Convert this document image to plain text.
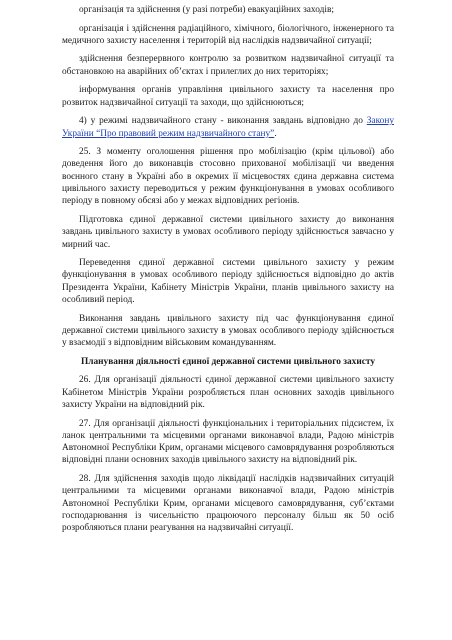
організація та здійснення (у разі потреби) евакуаційних заходів;

організація і здійснення радіаційного, хімічного, біологічного, інженерного та медичного захисту населення і територій від наслідків надзвичайної ситуації;

здійснення безперервного контролю за розвитком надзвичайної ситуації та обстановкою на аварійних об’єктах і прилеглих до них територіях;

інформування органів управління цивільного захисту та населення про розвиток надзвичайної ситуації та заходи, що здійснюються;

4) у режимі надзвичайного стану - виконання завдань відповідно до Закону України “Про правовий режим надзвичайного стану”.

25. З моменту оголошення рішення про мобілізацію (крім цільової) або доведення його до виконавців стосовно прихованої мобілізації чи введення воєнного стану в Україні або в окремих її місцевостях єдина державна система цивільного захисту переводиться у режим функціонування в умовах особливого періоду в повному обсязі або у межах відповідних регіонів.

Підготовка єдиної державної системи цивільного захисту до виконання завдань цивільного захисту в умовах особливого періоду здійснюється завчасно у мирний час.

Переведення єдиної державної системи цивільного захисту у режим функціонування в умовах особливого періоду здійснюється відповідно до актів Президента України, Кабінету Міністрів України, планів цивільного захисту на особливий період.

Виконання завдань цивільного захисту під час функціонування єдиної державної системи цивільного захисту в умовах особливого періоду здійснюється у взаємодії з відповідним військовим командуванням.

Планування діяльності єдиної державної системи цивільного захисту

26. Для організації діяльності єдиної державної системи цивільного захисту Кабінетом Міністрів України розробляється план основних заходів цивільного захисту України на відповідний рік.

27. Для організації діяльності функціональних і територіальних підсистем, їх ланок центральними та місцевими органами виконавчої влади, Радою міністрів Автономної Республіки Крим, органами місцевого самоврядування розробляються відповідні плани основних заходів цивільного захисту на відповідний рік.

28. Для здійснення заходів щодо ліквідації наслідків надзвичайних ситуацій центральними та місцевими органами виконавчої влади, Радою міністрів Автономної Республіки Крим, органами місцевого самоврядування, суб’єктами господарювання із чисельністю працюючого персоналу більш як 50 осіб розробляються плани реагування на надзвичайні ситуації.
